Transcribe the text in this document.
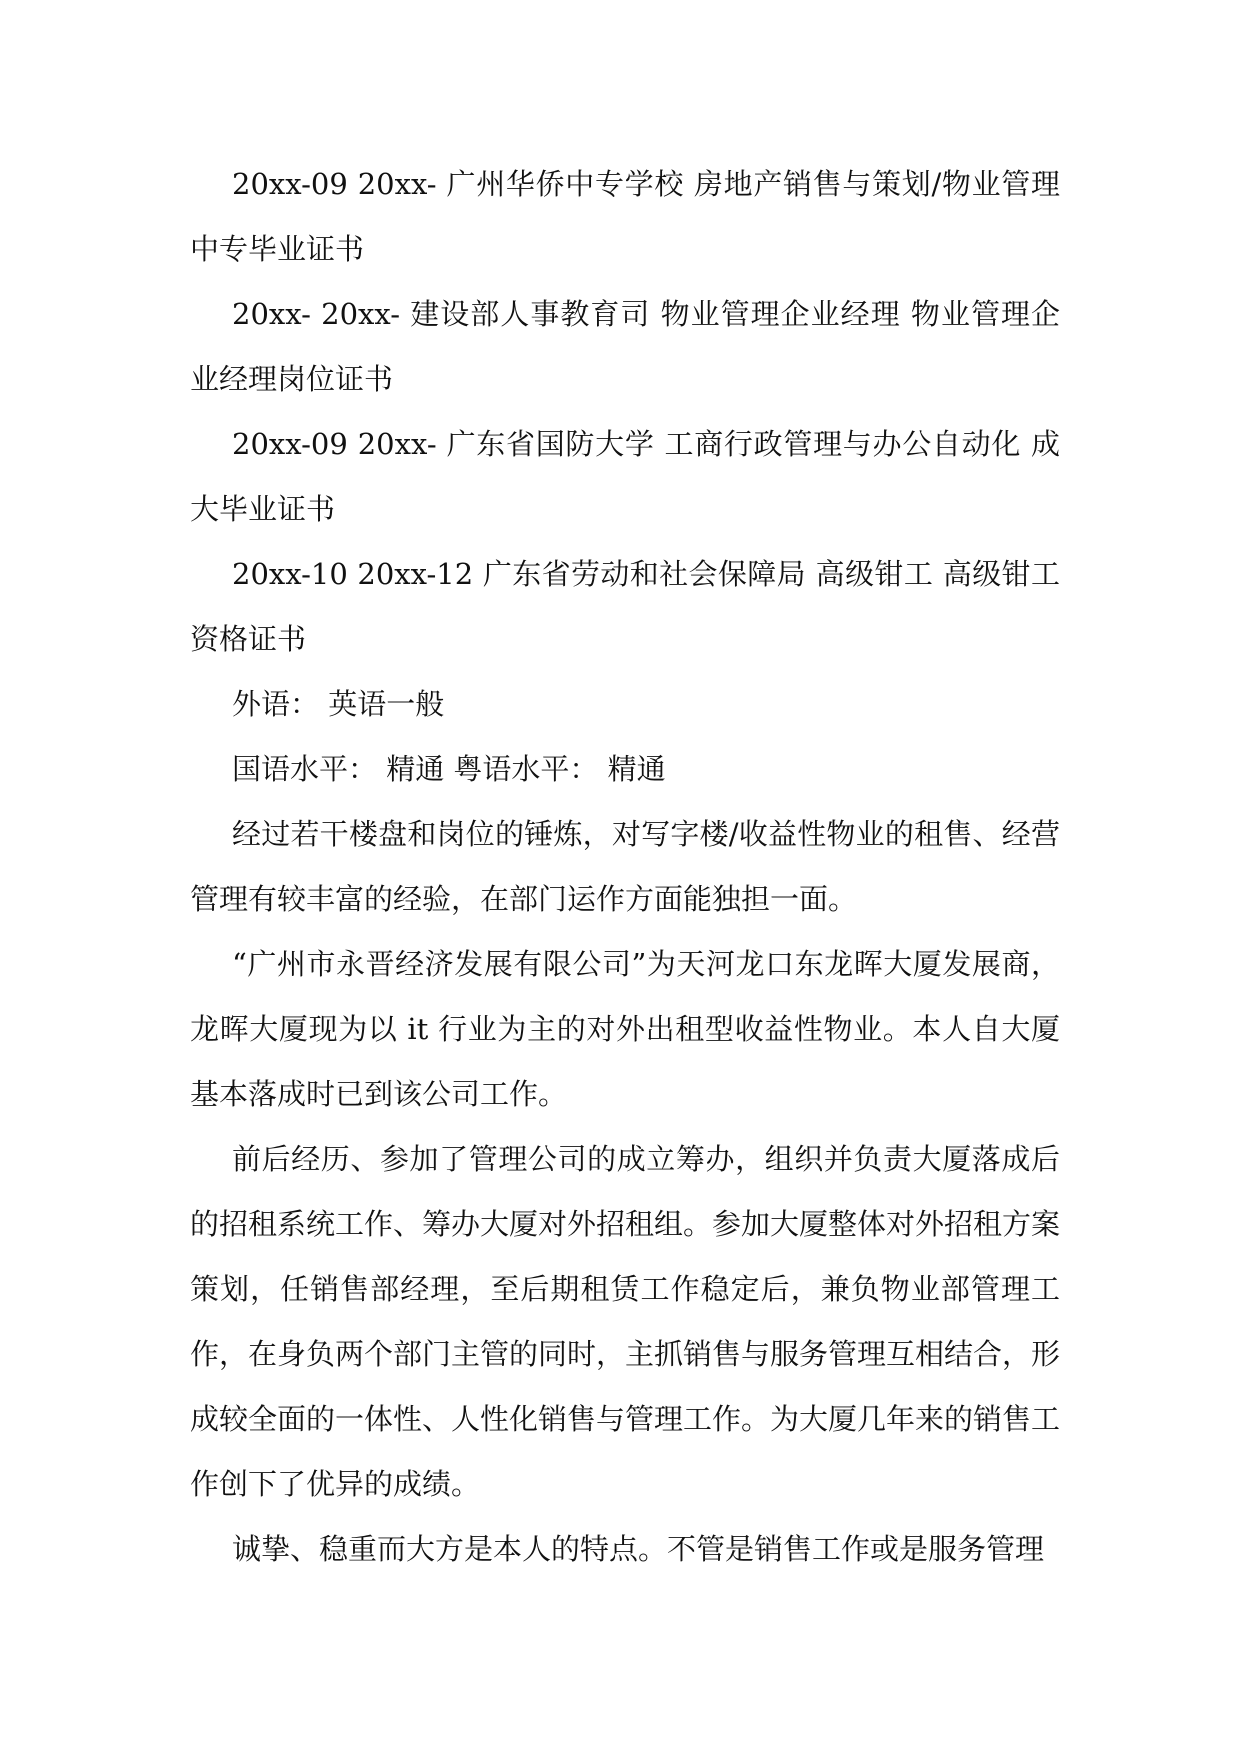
20xx-09 20xx- 广州华侨中专学校 房地产销售与策划/物业管理中专毕业证书

20xx- 20xx- 建设部人事教育司 物业管理企业经理 物业管理企业经理岗位证书

20xx-09 20xx- 广东省国防大学 工商行政管理与办公自动化 成大毕业证书

20xx-10 20xx-12 广东省劳动和社会保障局 高级钳工 高级钳工资格证书

外语： 英语一般

国语水平： 精通 粤语水平： 精通

经过若干楼盘和岗位的锤炼，对写字楼/收益性物业的租售、经营管理有较丰富的经验，在部门运作方面能独担一面。

“广州市永晋经济发展有限公司”为天河龙口东龙晖大厦发展商，龙晖大厦现为以 it 行业为主的对外出租型收益性物业。本人自大厦基本落成时已到该公司工作。

前后经历、参加了管理公司的成立筹办，组织并负责大厦落成后的招租系统工作、筹办大厦对外招租组。参加大厦整体对外招租方案策划，任销售部经理，至后期租赁工作稳定后，兼负物业部管理工作，在身负两个部门主管的同时，主抓销售与服务管理互相结合，形成较全面的一体性、人性化销售与管理工作。为大厦几年来的销售工作创下了优异的成绩。

诚挚、稳重而大方是本人的特点。不管是销售工作或是服务管理
